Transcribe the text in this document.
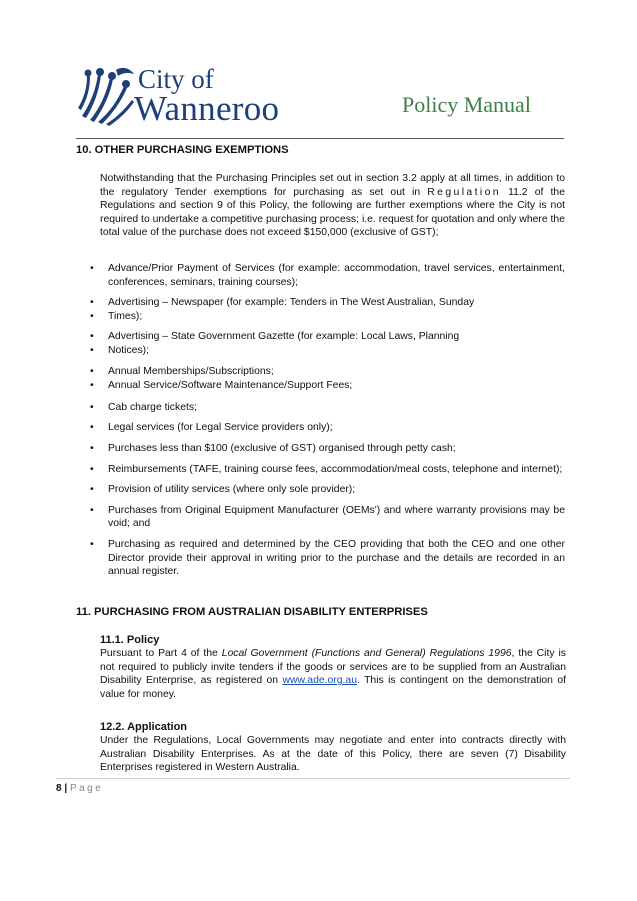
City of
Wanneroo	Policy Manual
10. OTHER PURCHASING EXEMPTIONS
Notwithstanding that the Purchasing Principles set out in section 3.2 apply at all times, in addition to the regulatory Tender exemptions for purchasing as set out in Regulation 11.2 of the Regulations and section 9 of this Policy, the following are further exemptions where the City is not required to undertake a competitive purchasing process; i.e. request for quotation and only where the total value of the purchase does not exceed $150,000 (exclusive of GST);
• Advance/Prior Payment of Services (for example: accommodation, travel services, entertainment, conferences, seminars, training courses);
• Advertising – Newspaper (for example: Tenders in The West Australian, Sunday
• Times);
• Advertising – State Government Gazette (for example: Local Laws, Planning
• Notices);
• Annual Memberships/Subscriptions;
• Annual Service/Software Maintenance/Support Fees;
• Cab charge tickets;
• Legal services (for Legal Service providers only);
• Purchases less than $100 (exclusive of GST) organised through petty cash;
• Reimbursements (TAFE, training course fees, accommodation/meal costs, telephone and internet);
• Provision of utility services (where only sole provider);
• Purchases from Original Equipment Manufacturer (OEMs') and where warranty provisions may be void; and
• Purchasing as required and determined by the CEO providing that both the CEO and one other Director provide their approval in writing prior to the purchase and the details are recorded in an annual register.
11. PURCHASING FROM AUSTRALIAN DISABILITY ENTERPRISES
11.1. Policy
Pursuant to Part 4 of the Local Government (Functions and General) Regulations 1996, the City is not required to publicly invite tenders if the goods or services are to be supplied from an Australian Disability Enterprise, as registered on www.ade.org.au. This is contingent on the demonstration of value for money.
12.2. Application
Under the Regulations, Local Governments may negotiate and enter into contracts directly with Australian Disability Enterprises. As at the date of this Policy, there are seven (7) Disability Enterprises registered in Western Australia.
8 | Page
